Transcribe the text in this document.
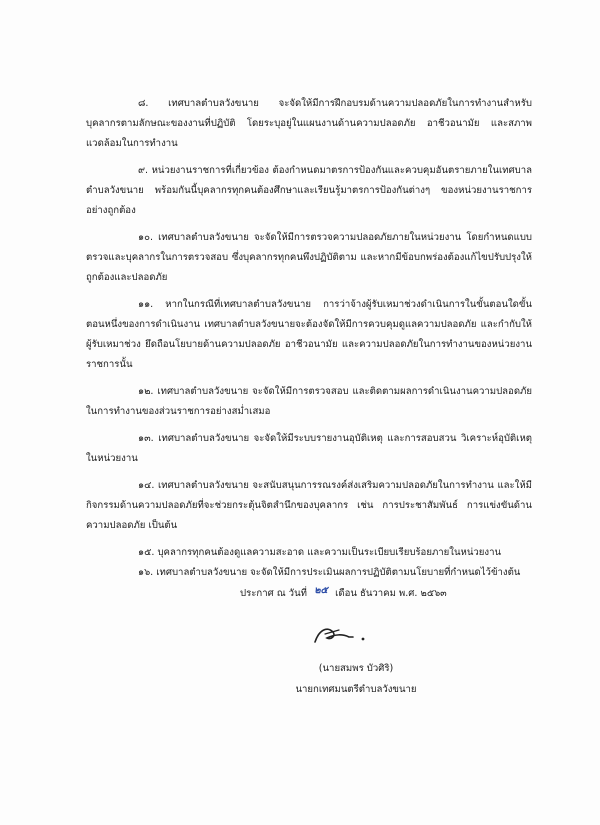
๘. เทศบาลตำบลวังขนาย จะจัดให้มีการฝึกอบรมด้านความปลอดภัยในการทำงานสำหรับบุคลากรตามลักษณะของงานที่ปฏิบัติ โดยระบุอยู่ในแผนงานด้านความปลอดภัย อาชีวอนามัย และสภาพแวดล้อมในการทำงาน

๙. หน่วยงานราชการที่เกี่ยวข้อง ต้องกำหนดมาตรการป้องกันและควบคุมอันตรายภายในเทศบาลตำบลวังขนาย พร้อมกันนี้บุคลากรทุกคนต้องศึกษาและเรียนรู้มาตรการป้องกันต่างๆ ของหน่วยงานราชการอย่างถูกต้อง

๑๐. เทศบาลตำบลวังขนาย จะจัดให้มีการตรวจความปลอดภัยภายในหน่วยงาน โดยกำหนดแบบตรวจและบุคลากรในการตรวจสอบ ซึ่งบุคลากรทุกคนพึงปฏิบัติตาม และหากมีข้อบกพร่องต้องแก้ไขปรับปรุงให้ถูกต้องและปลอดภัย

๑๑. หากในกรณีที่เทศบาลตำบลวังขนาย การว่าจ้างผู้รับเหมาช่วงดำเนินการในขั้นตอนใดขั้นตอนหนึ่งของการดำเนินงาน เทศบาลตำบลวังขนายจะต้องจัดให้มีการควบคุมดูแลความปลอดภัย และกำกับให้ผู้รับเหมาช่วง ยึดถือนโยบายด้านความปลอดภัย อาชีวอนามัย และความปลอดภัยในการทำงานของหน่วยงานราชการนั้น

๑๒. เทศบาลตำบลวังขนาย จะจัดให้มีการตรวจสอบ และติดตามผลการดำเนินงานความปลอดภัยในการทำงานของส่วนราชการอย่างสม่ำเสมอ

๑๓. เทศบาลตำบลวังขนาย จะจัดให้มีระบบรายงานอุบัติเหตุ และการสอบสวน วิเคราะห์อุบัติเหตุในหน่วยงาน

๑๔. เทศบาลตำบลวังขนาย จะสนับสนุนการรณรงค์ส่งเสริมความปลอดภัยในการทำงาน และให้มีกิจกรรมด้านความปลอดภัยที่จะช่วยกระตุ้นจิตสำนึกของบุคลากร เช่น การประชาสัมพันธ์ การแข่งขันด้านความปลอดภัย เป็นต้น

๑๕. บุคลากรทุกคนต้องดูแลความสะอาด และความเป็นระเบียบเรียบร้อยภายในหน่วยงาน

๑๖. เทศบาลตำบลวังขนาย จะจัดให้มีการประเมินผลการปฏิบัติตามนโยบายที่กำหนดไว้ข้างต้น

ประกาศ ณ วันที่ ๒๕ เดือน ธันวาคม พ.ศ. ๒๕๖๓
(นายสมพร บัวศิริ)
นายกเทศมนตรีตำบลวังขนาย
